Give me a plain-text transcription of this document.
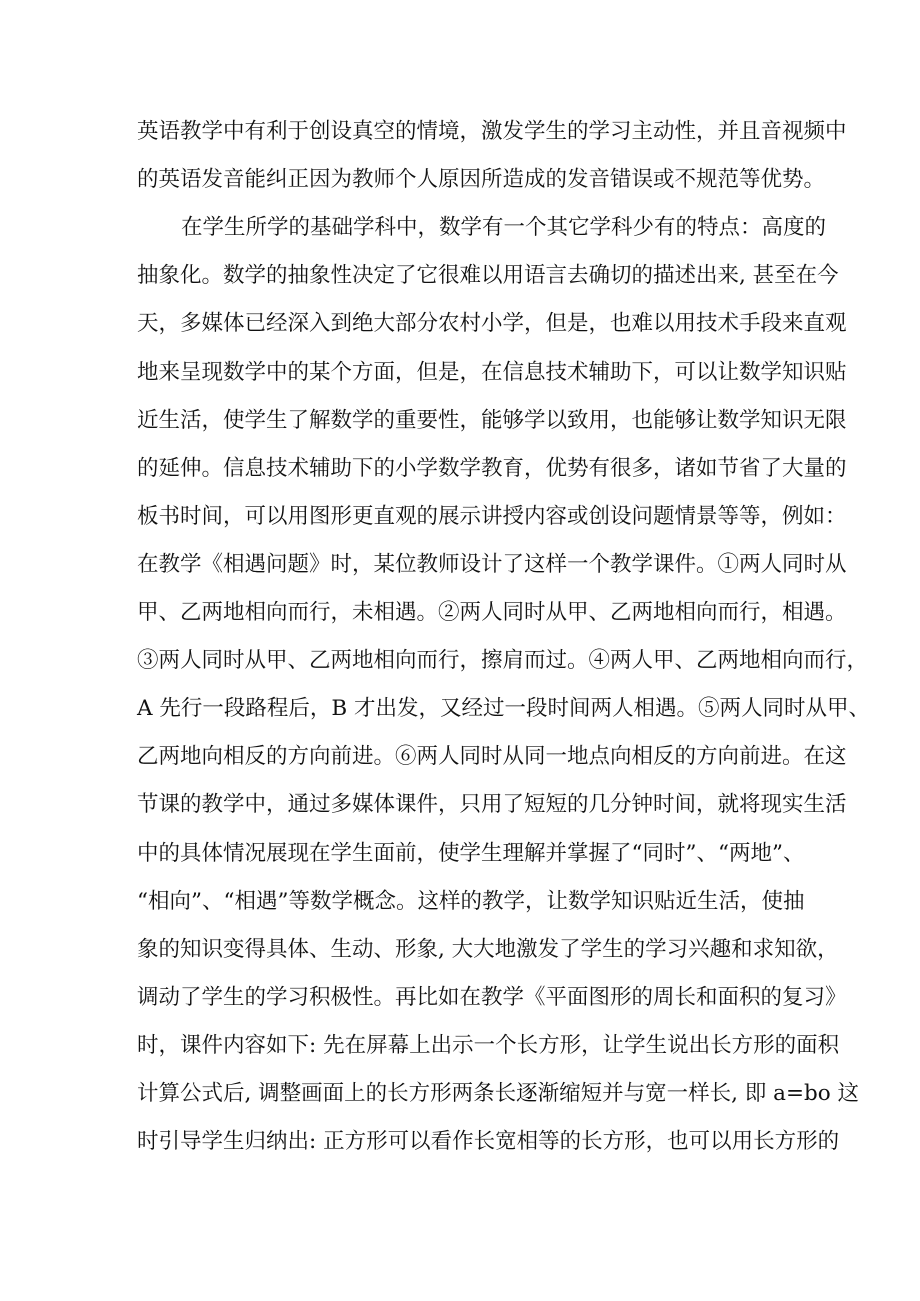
英语教学中有利于创设真空的情境，激发学生的学习主动性，并且音视频中
的英语发音能纠正因为教师个人原因所造成的发音错误或不规范等优势。
在学生所学的基础学科中，数学有一个其它学科少有的特点：高度的
抽象化。数学的抽象性决定了它很难以用语言去确切的描述出来, 甚至在今
天，多媒体已经深入到绝大部分农村小学，但是，也难以用技术手段来直观
地来呈现数学中的某个方面，但是，在信息技术辅助下，可以让数学知识贴
近生活，使学生了解数学的重要性，能够学以致用，也能够让数学知识无限
的延伸。信息技术辅助下的小学数学教育，优势有很多，诸如节省了大量的
板书时间，可以用图形更直观的展示讲授内容或创设问题情景等等，例如：
在教学《相遇问题》时，某位教师设计了这样一个教学课件。①两人同时从
甲、乙两地相向而行，未相遇。②两人同时从甲、乙两地相向而行，相遇。
③两人同时从甲、乙两地相向而行，擦肩而过。④两人甲、乙两地相向而行，
A 先行一段路程后，B 才出发，又经过一段时间两人相遇。⑤两人同时从甲、
乙两地向相反的方向前进。⑥两人同时从同一地点向相反的方向前进。在这
节课的教学中，通过多媒体课件，只用了短短的几分钟时间，就将现实生活
中的具体情况展现在学生面前，使学生理解并掌握了“同时”、“两地”、
“相向”、“相遇”等数学概念。这样的教学，让数学知识贴近生活，使抽
象的知识变得具体、生动、形象, 大大地激发了学生的学习兴趣和求知欲，
调动了学生的学习积极性。再比如在教学《平面图形的周长和面积的复习》
时，课件内容如下: 先在屏幕上出示一个长方形，让学生说出长方形的面积
计算公式后, 调整画面上的长方形两条长逐渐缩短并与宽一样长, 即 a=bo 这
时引导学生归纳出: 正方形可以看作长宽相等的长方形，也可以用长方形的
